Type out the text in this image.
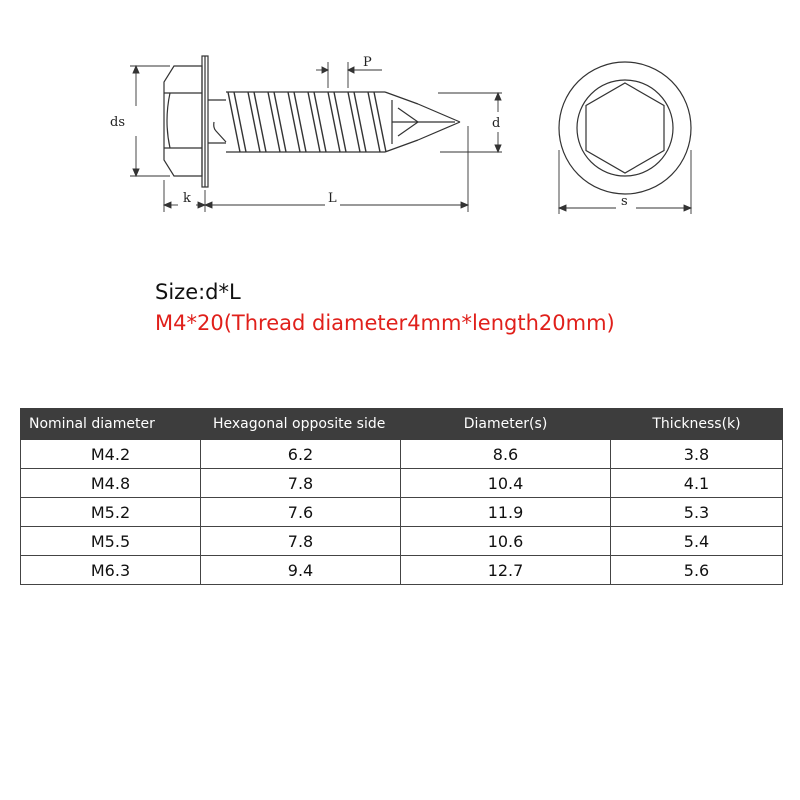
ds
k	L
P
d
s
Size:d*L

M4*20(Thread diameter4mm*length20mm)

Nominal diameter	Hexagonal opposite side	Diameter(s)	Thickness(k)
M4.2	6.2	8.6	3.8
M4.8	7.8	10.4	4.1
M5.2	7.6	11.9	5.3
M5.5	7.8	10.6	5.4
M6.3	9.4	12.7	5.6
